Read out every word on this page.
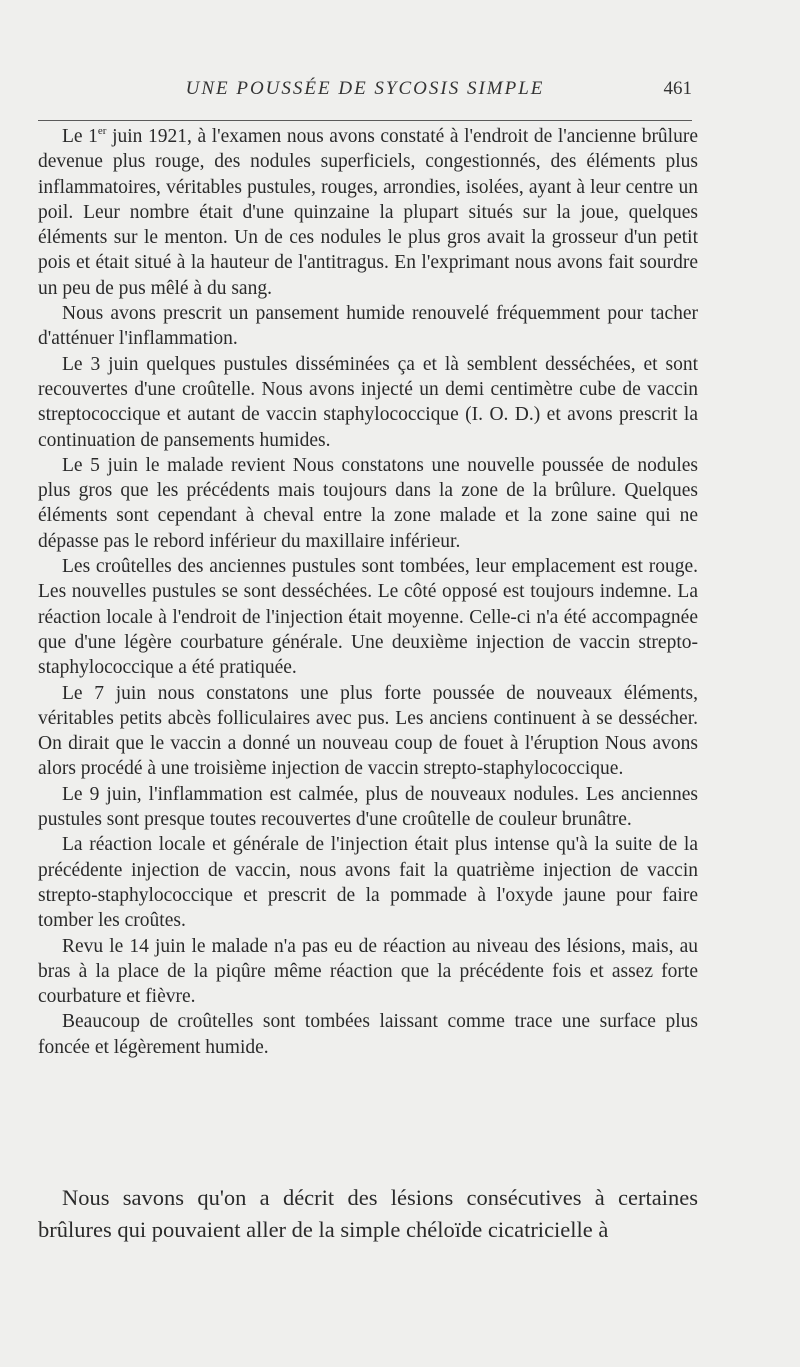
UNE POUSSÉE DE SYCOSIS SIMPLE	461

Le 1er juin 1921, à l'examen nous avons constaté à l'endroit de l'ancienne brûlure devenue plus rouge, des nodules superficiels, congestionnés, des éléments plus inflammatoires, véritables pustules, rouges, arrondies, isolées, ayant à leur centre un poil. Leur nombre était d'une quinzaine la plupart situés sur la joue, quelques éléments sur le menton. Un de ces nodules le plus gros avait la grosseur d'un petit pois et était situé à la hauteur de l'antitragus. En l'exprimant nous avons fait sourdre un peu de pus mêlé à du sang.

Nous avons prescrit un pansement humide renouvelé fréquemment pour tacher d'atténuer l'inflammation.

Le 3 juin quelques pustules disséminées ça et là semblent desséchées, et sont recouvertes d'une croûtelle. Nous avons injecté un demi centimètre cube de vaccin streptococcique et autant de vaccin staphylococcique (I. O. D.) et avons prescrit la continuation de pansements humides.

Le 5 juin le malade revient Nous constatons une nouvelle poussée de nodules plus gros que les précédents mais toujours dans la zone de la brûlure. Quelques éléments sont cependant à cheval entre la zone malade et la zone saine qui ne dépasse pas le rebord inférieur du maxillaire inférieur.

Les croûtelles des anciennes pustules sont tombées, leur emplacement est rouge. Les nouvelles pustules se sont desséchées. Le côté opposé est toujours indemne. La réaction locale à l'endroit de l'injection était moyenne. Celle-ci n'a été accompagnée que d'une légère courbature générale. Une deuxième injection de vaccin strepto-staphylococcique a été pratiquée.

Le 7 juin nous constatons une plus forte poussée de nouveaux éléments, véritables petits abcès folliculaires avec pus. Les anciens continuent à se dessécher. On dirait que le vaccin a donné un nouveau coup de fouet à l'éruption Nous avons alors procédé à une troisième injection de vaccin strepto-staphylococcique.

Le 9 juin, l'inflammation est calmée, plus de nouveaux nodules. Les anciennes pustules sont presque toutes recouvertes d'une croûtelle de couleur brunâtre.

La réaction locale et générale de l'injection était plus intense qu'à la suite de la précédente injection de vaccin, nous avons fait la quatrième injection de vaccin strepto-staphylococcique et prescrit de la pommade à l'oxyde jaune pour faire tomber les croûtes.

Revu le 14 juin le malade n'a pas eu de réaction au niveau des lésions, mais, au bras à la place de la piqûre même réaction que la précédente fois et assez forte courbature et fièvre.

Beaucoup de croûtelles sont tombées laissant comme trace une surface plus foncée et légèrement humide.

Nous savons qu'on a décrit des lésions consécutives à certaines brûlures qui pouvaient aller de la simple chéloïde cicatricielle à
